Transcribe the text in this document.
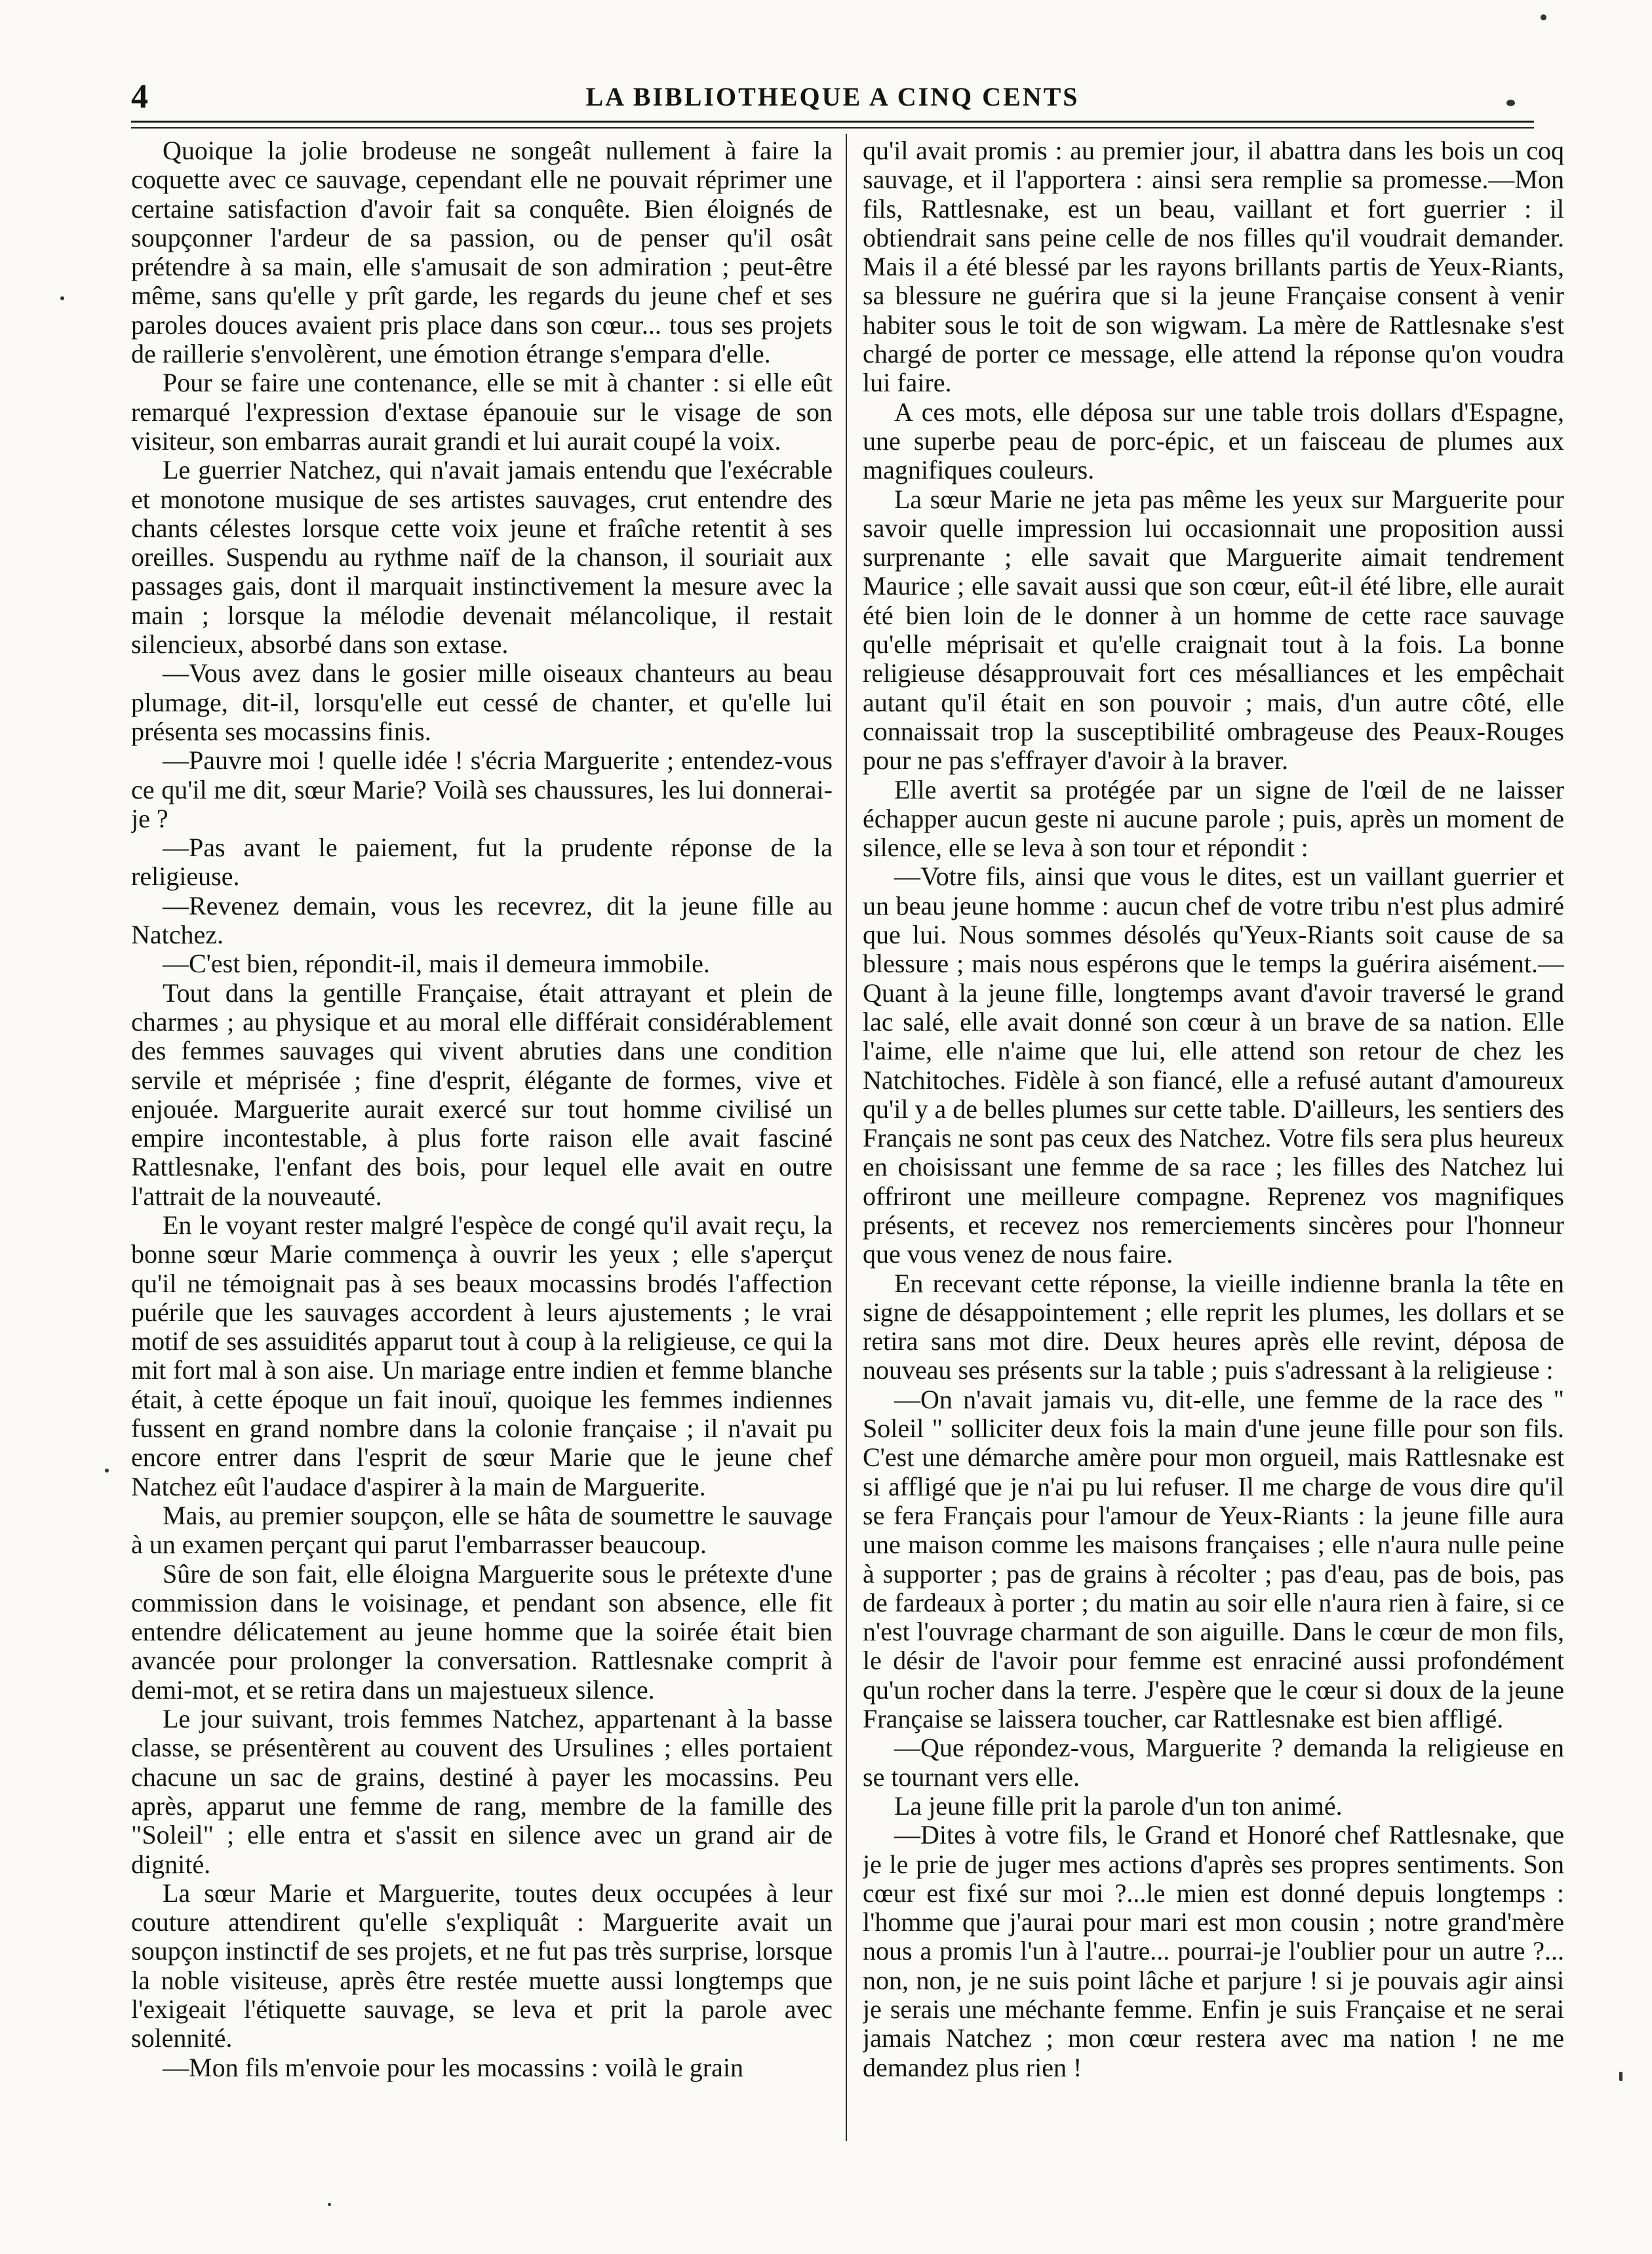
4	LA BIBLIOTHEQUE A CINQ CENTS

Quoique la jolie brodeuse ne songeât nullement à faire la coquette avec ce sauvage, cependant elle ne pouvait réprimer une certaine satisfaction d'avoir fait sa conquête. Bien éloignés de soupçonner l'ardeur de sa passion, ou de penser qu'il osât prétendre à sa main, elle s'amusait de son admiration ; peut-être même, sans qu'elle y prît garde, les regards du jeune chef et ses paroles douces avaient pris place dans son cœur... tous ses projets de raillerie s'envolèrent, une émotion étrange s'empara d'elle.

Pour se faire une contenance, elle se mit à chanter : si elle eût remarqué l'expression d'extase épanouie sur le visage de son visiteur, son embarras aurait grandi et lui aurait coupé la voix.

Le guerrier Natchez, qui n'avait jamais entendu que l'exécrable et monotone musique de ses artistes sauvages, crut entendre des chants célestes lorsque cette voix jeune et fraîche retentit à ses oreilles. Suspendu au rythme naïf de la chanson, il souriait aux passages gais, dont il marquait instinctivement la mesure avec la main ; lorsque la mélodie devenait mélancolique, il restait silencieux, absorbé dans son extase.

—Vous avez dans le gosier mille oiseaux chanteurs au beau plumage, dit-il, lorsqu'elle eut cessé de chanter, et qu'elle lui présenta ses mocassins finis.

—Pauvre moi ! quelle idée ! s'écria Marguerite ; entendez-vous ce qu'il me dit, sœur Marie? Voilà ses chaussures, les lui donnerai-je ?

—Pas avant le paiement, fut la prudente réponse de la religieuse.

—Revenez demain, vous les recevrez, dit la jeune fille au Natchez.

—C'est bien, répondit-il, mais il demeura immobile.

Tout dans la gentille Française, était attrayant et plein de charmes ; au physique et au moral elle différait considérablement des femmes sauvages qui vivent abruties dans une condition servile et méprisée ; fine d'esprit, élégante de formes, vive et enjouée. Marguerite aurait exercé sur tout homme civilisé un empire incontestable, à plus forte raison elle avait fasciné Rattlesnake, l'enfant des bois, pour lequel elle avait en outre l'attrait de la nouveauté.

En le voyant rester malgré l'espèce de congé qu'il avait reçu, la bonne sœur Marie commença à ouvrir les yeux ; elle s'aperçut qu'il ne témoignait pas à ses beaux mocassins brodés l'affection puérile que les sauvages accordent à leurs ajustements ; le vrai motif de ses assuidités apparut tout à coup à la religieuse, ce qui la mit fort mal à son aise. Un mariage entre indien et femme blanche était, à cette époque un fait inouï, quoique les femmes indiennes fussent en grand nombre dans la colonie française ; il n'avait pu encore entrer dans l'esprit de sœur Marie que le jeune chef Natchez eût l'audace d'aspirer à la main de Marguerite.

Mais, au premier soupçon, elle se hâta de soumettre le sauvage à un examen perçant qui parut l'embarrasser beaucoup.

Sûre de son fait, elle éloigna Marguerite sous le prétexte d'une commission dans le voisinage, et pendant son absence, elle fit entendre délicatement au jeune homme que la soirée était bien avancée pour prolonger la conversation. Rattlesnake comprit à demi-mot, et se retira dans un majestueux silence.

Le jour suivant, trois femmes Natchez, appartenant à la basse classe, se présentèrent au couvent des Ursulines ; elles portaient chacune un sac de grains, destiné à payer les mocassins. Peu après, apparut une femme de rang, membre de la famille des "Soleil" ; elle entra et s'assit en silence avec un grand air de dignité.

La sœur Marie et Marguerite, toutes deux occupées à leur couture attendirent qu'elle s'expliquât : Marguerite avait un soupçon instinctif de ses projets, et ne fut pas très surprise, lorsque la noble visiteuse, après être restée muette aussi longtemps que l'exigeait l'étiquette sauvage, se leva et prit la parole avec solennité.

—Mon fils m'envoie pour les mocassins : voilà le grain

qu'il avait promis : au premier jour, il abattra dans les bois un coq sauvage, et il l'apportera : ainsi sera remplie sa promesse.—Mon fils, Rattlesnake, est un beau, vaillant et fort guerrier : il obtiendrait sans peine celle de nos filles qu'il voudrait demander. Mais il a été blessé par les rayons brillants partis de Yeux-Riants, sa blessure ne guérira que si la jeune Française consent à venir habiter sous le toit de son wigwam. La mère de Rattlesnake s'est chargé de porter ce message, elle attend la réponse qu'on voudra lui faire.

A ces mots, elle déposa sur une table trois dollars d'Espagne, une superbe peau de porc-épic, et un faisceau de plumes aux magnifiques couleurs.

La sœur Marie ne jeta pas même les yeux sur Marguerite pour savoir quelle impression lui occasionnait une proposition aussi surprenante ; elle savait que Marguerite aimait tendrement Maurice ; elle savait aussi que son cœur, eût-il été libre, elle aurait été bien loin de le donner à un homme de cette race sauvage qu'elle méprisait et qu'elle craignait tout à la fois. La bonne religieuse désapprouvait fort ces mésalliances et les empêchait autant qu'il était en son pouvoir ; mais, d'un autre côté, elle connaissait trop la susceptibilité ombrageuse des Peaux-Rouges pour ne pas s'effrayer d'avoir à la braver.

Elle avertit sa protégée par un signe de l'œil de ne laisser échapper aucun geste ni aucune parole ; puis, après un moment de silence, elle se leva à son tour et répondit :

—Votre fils, ainsi que vous le dites, est un vaillant guerrier et un beau jeune homme : aucun chef de votre tribu n'est plus admiré que lui. Nous sommes désolés qu'Yeux-Riants soit cause de sa blessure ; mais nous espérons que le temps la guérira aisément.—Quant à la jeune fille, longtemps avant d'avoir traversé le grand lac salé, elle avait donné son cœur à un brave de sa nation. Elle l'aime, elle n'aime que lui, elle attend son retour de chez les Natchitoches. Fidèle à son fiancé, elle a refusé autant d'amoureux qu'il y a de belles plumes sur cette table. D'ailleurs, les sentiers des Français ne sont pas ceux des Natchez. Votre fils sera plus heureux en choisissant une femme de sa race ; les filles des Natchez lui offriront une meilleure compagne. Reprenez vos magnifiques présents, et recevez nos remerciements sincères pour l'honneur que vous venez de nous faire.

En recevant cette réponse, la vieille indienne branla la tête en signe de désappointement ; elle reprit les plumes, les dollars et se retira sans mot dire. Deux heures après elle revint, déposa de nouveau ses présents sur la table ; puis s'adressant à la religieuse :

—On n'avait jamais vu, dit-elle, une femme de la race des " Soleil " solliciter deux fois la main d'une jeune fille pour son fils. C'est une démarche amère pour mon orgueil, mais Rattlesnake est si affligé que je n'ai pu lui refuser. Il me charge de vous dire qu'il se fera Français pour l'amour de Yeux-Riants : la jeune fille aura une maison comme les maisons françaises ; elle n'aura nulle peine à supporter ; pas de grains à récolter ; pas d'eau, pas de bois, pas de fardeaux à porter ; du matin au soir elle n'aura rien à faire, si ce n'est l'ouvrage charmant de son aiguille. Dans le cœur de mon fils, le désir de l'avoir pour femme est enraciné aussi profondément qu'un rocher dans la terre. J'espère que le cœur si doux de la jeune Française se laissera toucher, car Rattlesnake est bien affligé.

—Que répondez-vous, Marguerite ? demanda la religieuse en se tournant vers elle.

La jeune fille prit la parole d'un ton animé.

—Dites à votre fils, le Grand et Honoré chef Rattlesnake, que je le prie de juger mes actions d'après ses propres sentiments. Son cœur est fixé sur moi ?...le mien est donné depuis longtemps : l'homme que j'aurai pour mari est mon cousin ; notre grand'mère nous a promis l'un à l'autre... pourrai-je l'oublier pour un autre ?... non, non, je ne suis point lâche et parjure ! si je pouvais agir ainsi je serais une méchante femme. Enfin je suis Française et ne serai jamais Natchez ; mon cœur restera avec ma nation ! ne me demandez plus rien !
